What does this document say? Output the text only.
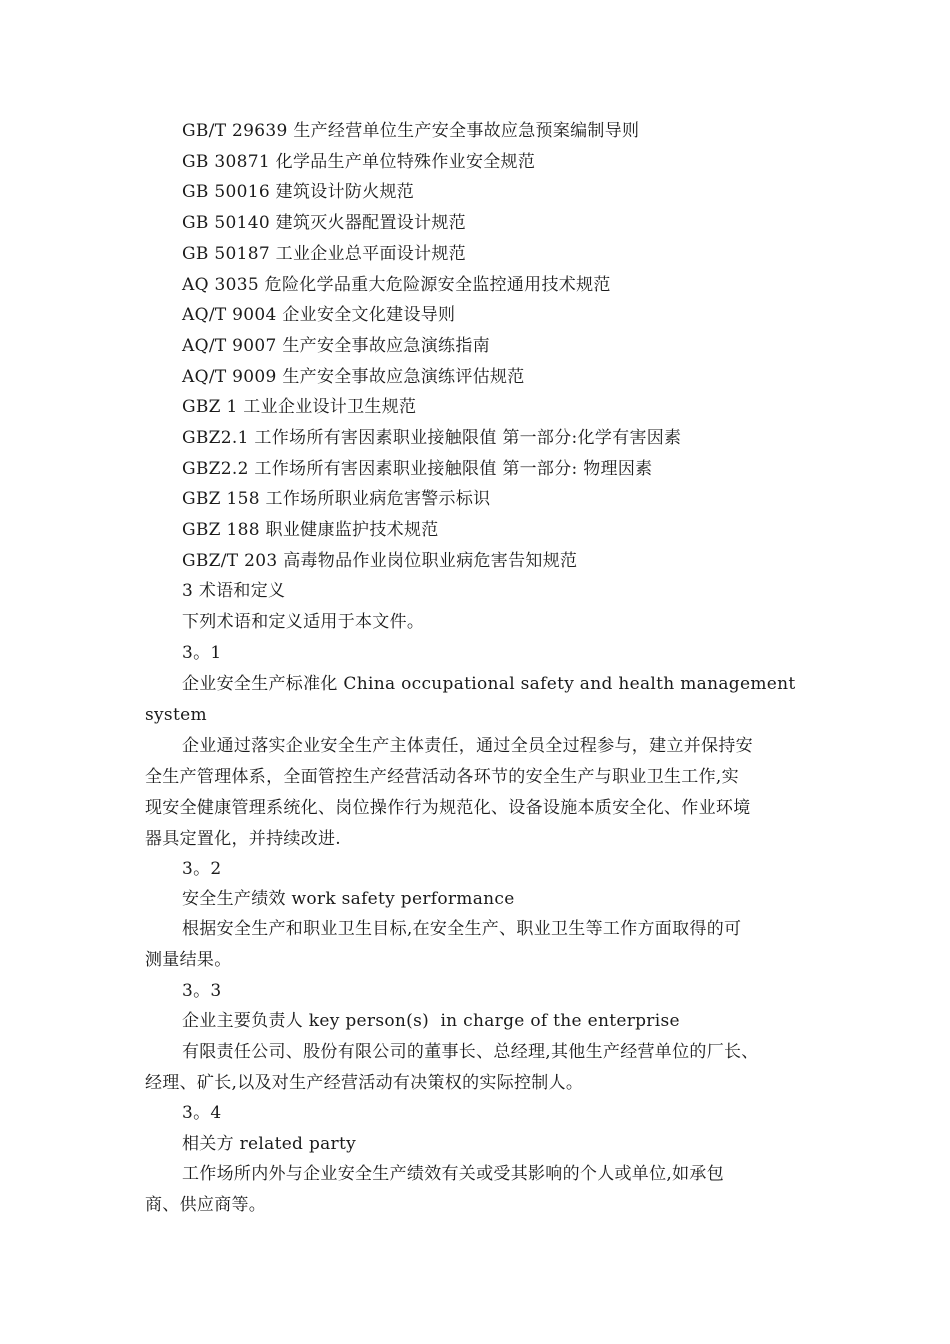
GB/T 29639 生产经营单位生产安全事故应急预案编制导则
GB 30871 化学品生产单位特殊作业安全规范
GB 50016 建筑设计防火规范
GB 50140 建筑灭火器配置设计规范
GB 50187 工业企业总平面设计规范
AQ 3035 危险化学品重大危险源安全监控通用技术规范
AQ/T 9004 企业安全文化建设导则
AQ/T 9007 生产安全事故应急演练指南
AQ/T 9009 生产安全事故应急演练评估规范
GBZ 1 工业企业设计卫生规范
GBZ2.1 工作场所有害因素职业接触限值 第一部分:化学有害因素
GBZ2.2 工作场所有害因素职业接触限值 第一部分: 物理因素
GBZ 158 工作场所职业病危害警示标识
GBZ 188 职业健康监护技术规范
GBZ/T 203 高毒物品作业岗位职业病危害告知规范
3 术语和定义
下列术语和定义适用于本文件。
3。1
企业安全生产标准化 China occupational safety and health management
system
企业通过落实企业安全生产主体责任，通过全员全过程参与，建立并保持安
全生产管理体系，全面管控生产经营活动各环节的安全生产与职业卫生工作,实
现安全健康管理系统化、岗位操作行为规范化、设备设施本质安全化、作业环境
器具定置化，并持续改进.
3。2
安全生产绩效 work safety performance
根据安全生产和职业卫生目标,在安全生产、职业卫生等工作方面取得的可
测量结果。
3。3
企业主要负责人 key person(s)  in charge of the enterprise
有限责任公司、股份有限公司的董事长、总经理,其他生产经营单位的厂长、
经理、矿长,以及对生产经营活动有决策权的实际控制人。
3。4
相关方 related party
工作场所内外与企业安全生产绩效有关或受其影响的个人或单位,如承包
商、供应商等。
